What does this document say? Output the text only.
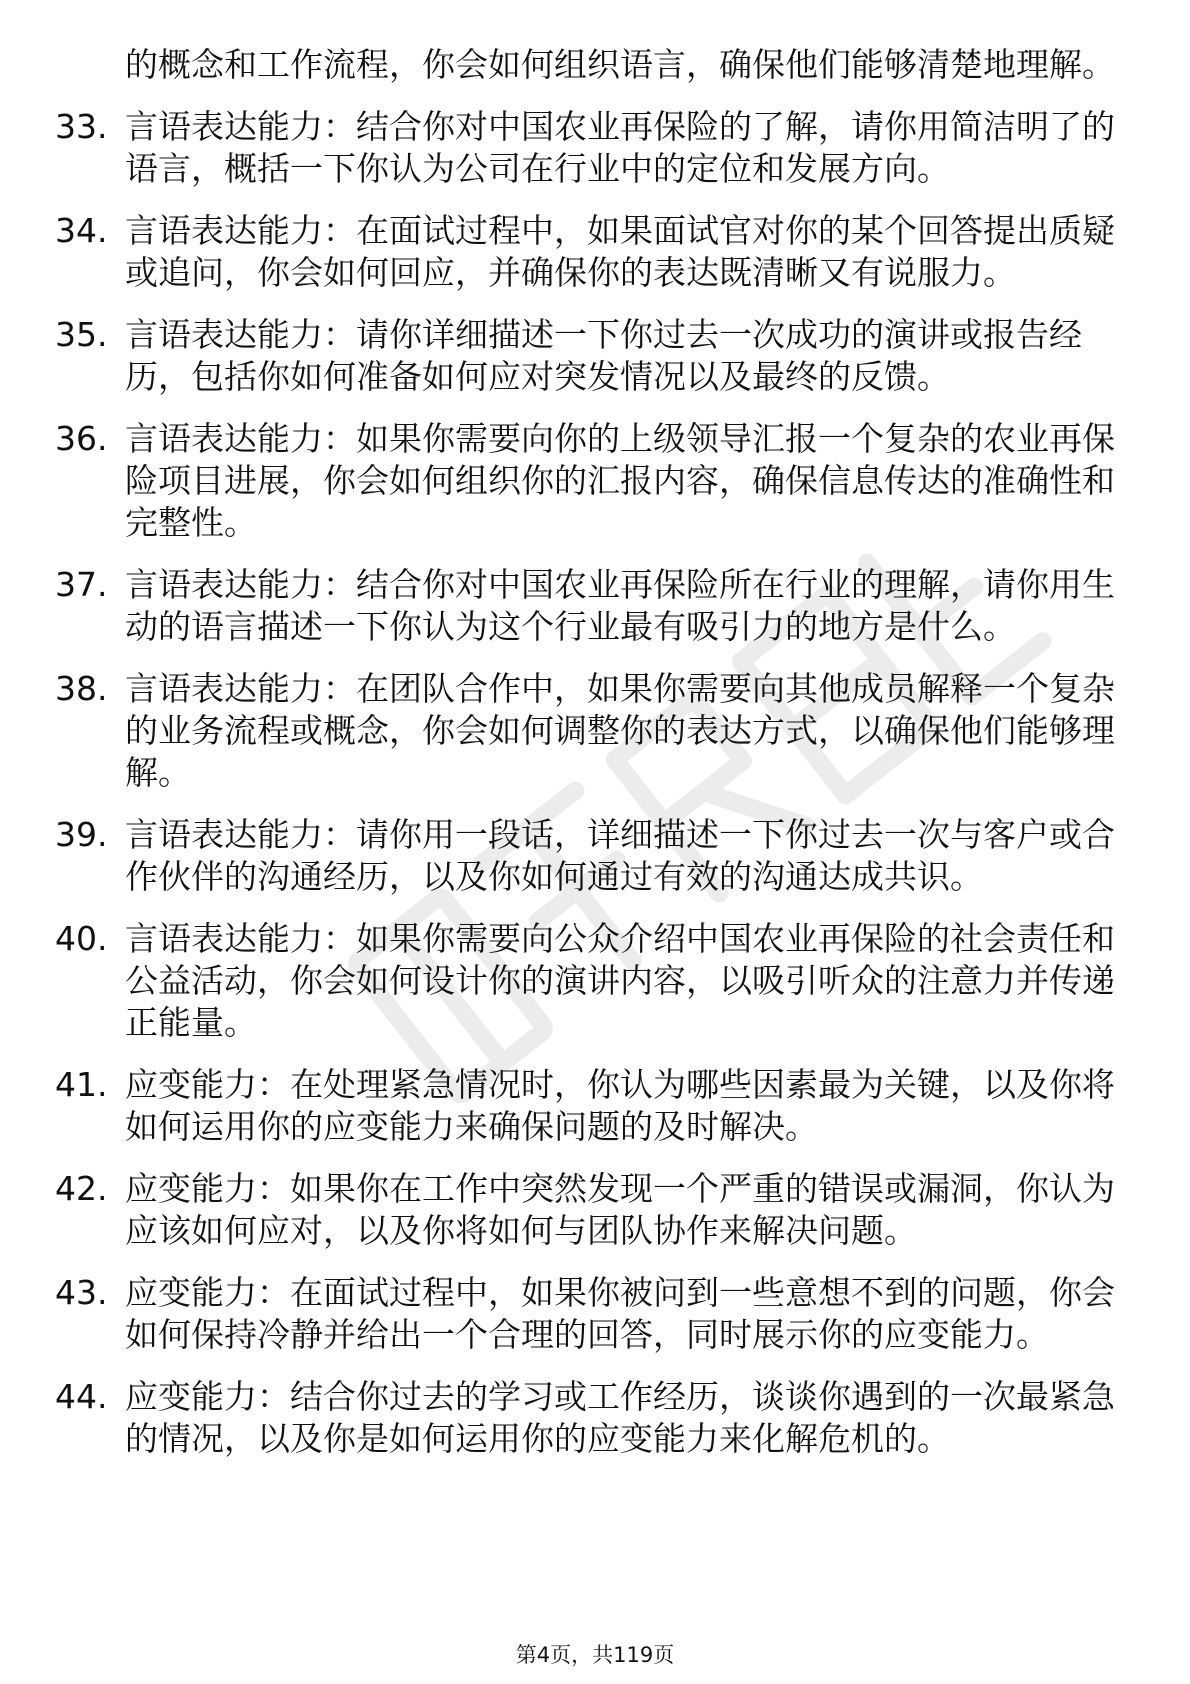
的概念和工作流程，你会如何组织语言，确保他们能够清楚地理解。
33. 言语表达能力：结合你对中国农业再保险的了解，请你用简洁明了的语言，概括一下你认为公司在行业中的定位和发展方向。
34. 言语表达能力：在面试过程中，如果面试官对你的某个回答提出质疑或追问，你会如何回应，并确保你的表达既清晰又有说服力。
35. 言语表达能力：请你详细描述一下你过去一次成功的演讲或报告经历，包括你如何准备如何应对突发情况以及最终的反馈。
36. 言语表达能力：如果你需要向你的上级领导汇报一个复杂的农业再保险项目进展，你会如何组织你的汇报内容，确保信息传达的准确性和完整性。
37. 言语表达能力：结合你对中国农业再保险所在行业的理解，请你用生动的语言描述一下你认为这个行业最有吸引力的地方是什么。
38. 言语表达能力：在团队合作中，如果你需要向其他成员解释一个复杂的业务流程或概念，你会如何调整你的表达方式，以确保他们能够理解。
39. 言语表达能力：请你用一段话，详细描述一下你过去一次与客户或合作伙伴的沟通经历，以及你如何通过有效的沟通达成共识。
40. 言语表达能力：如果你需要向公众介绍中国农业再保险的社会责任和公益活动，你会如何设计你的演讲内容，以吸引听众的注意力并传递正能量。
41. 应变能力：在处理紧急情况时，你认为哪些因素最为关键，以及你将如何运用你的应变能力来确保问题的及时解决。
42. 应变能力：如果你在工作中突然发现一个严重的错误或漏洞，你认为应该如何应对，以及你将如何与团队协作来解决问题。
43. 应变能力：在面试过程中，如果你被问到一些意想不到的问题，你会如何保持冷静并给出一个合理的回答，同时展示你的应变能力。
44. 应变能力：结合你过去的学习或工作经历，谈谈你遇到的一次最紧急的情况，以及你是如何运用你的应变能力来化解危机的。
第4页，共119页
